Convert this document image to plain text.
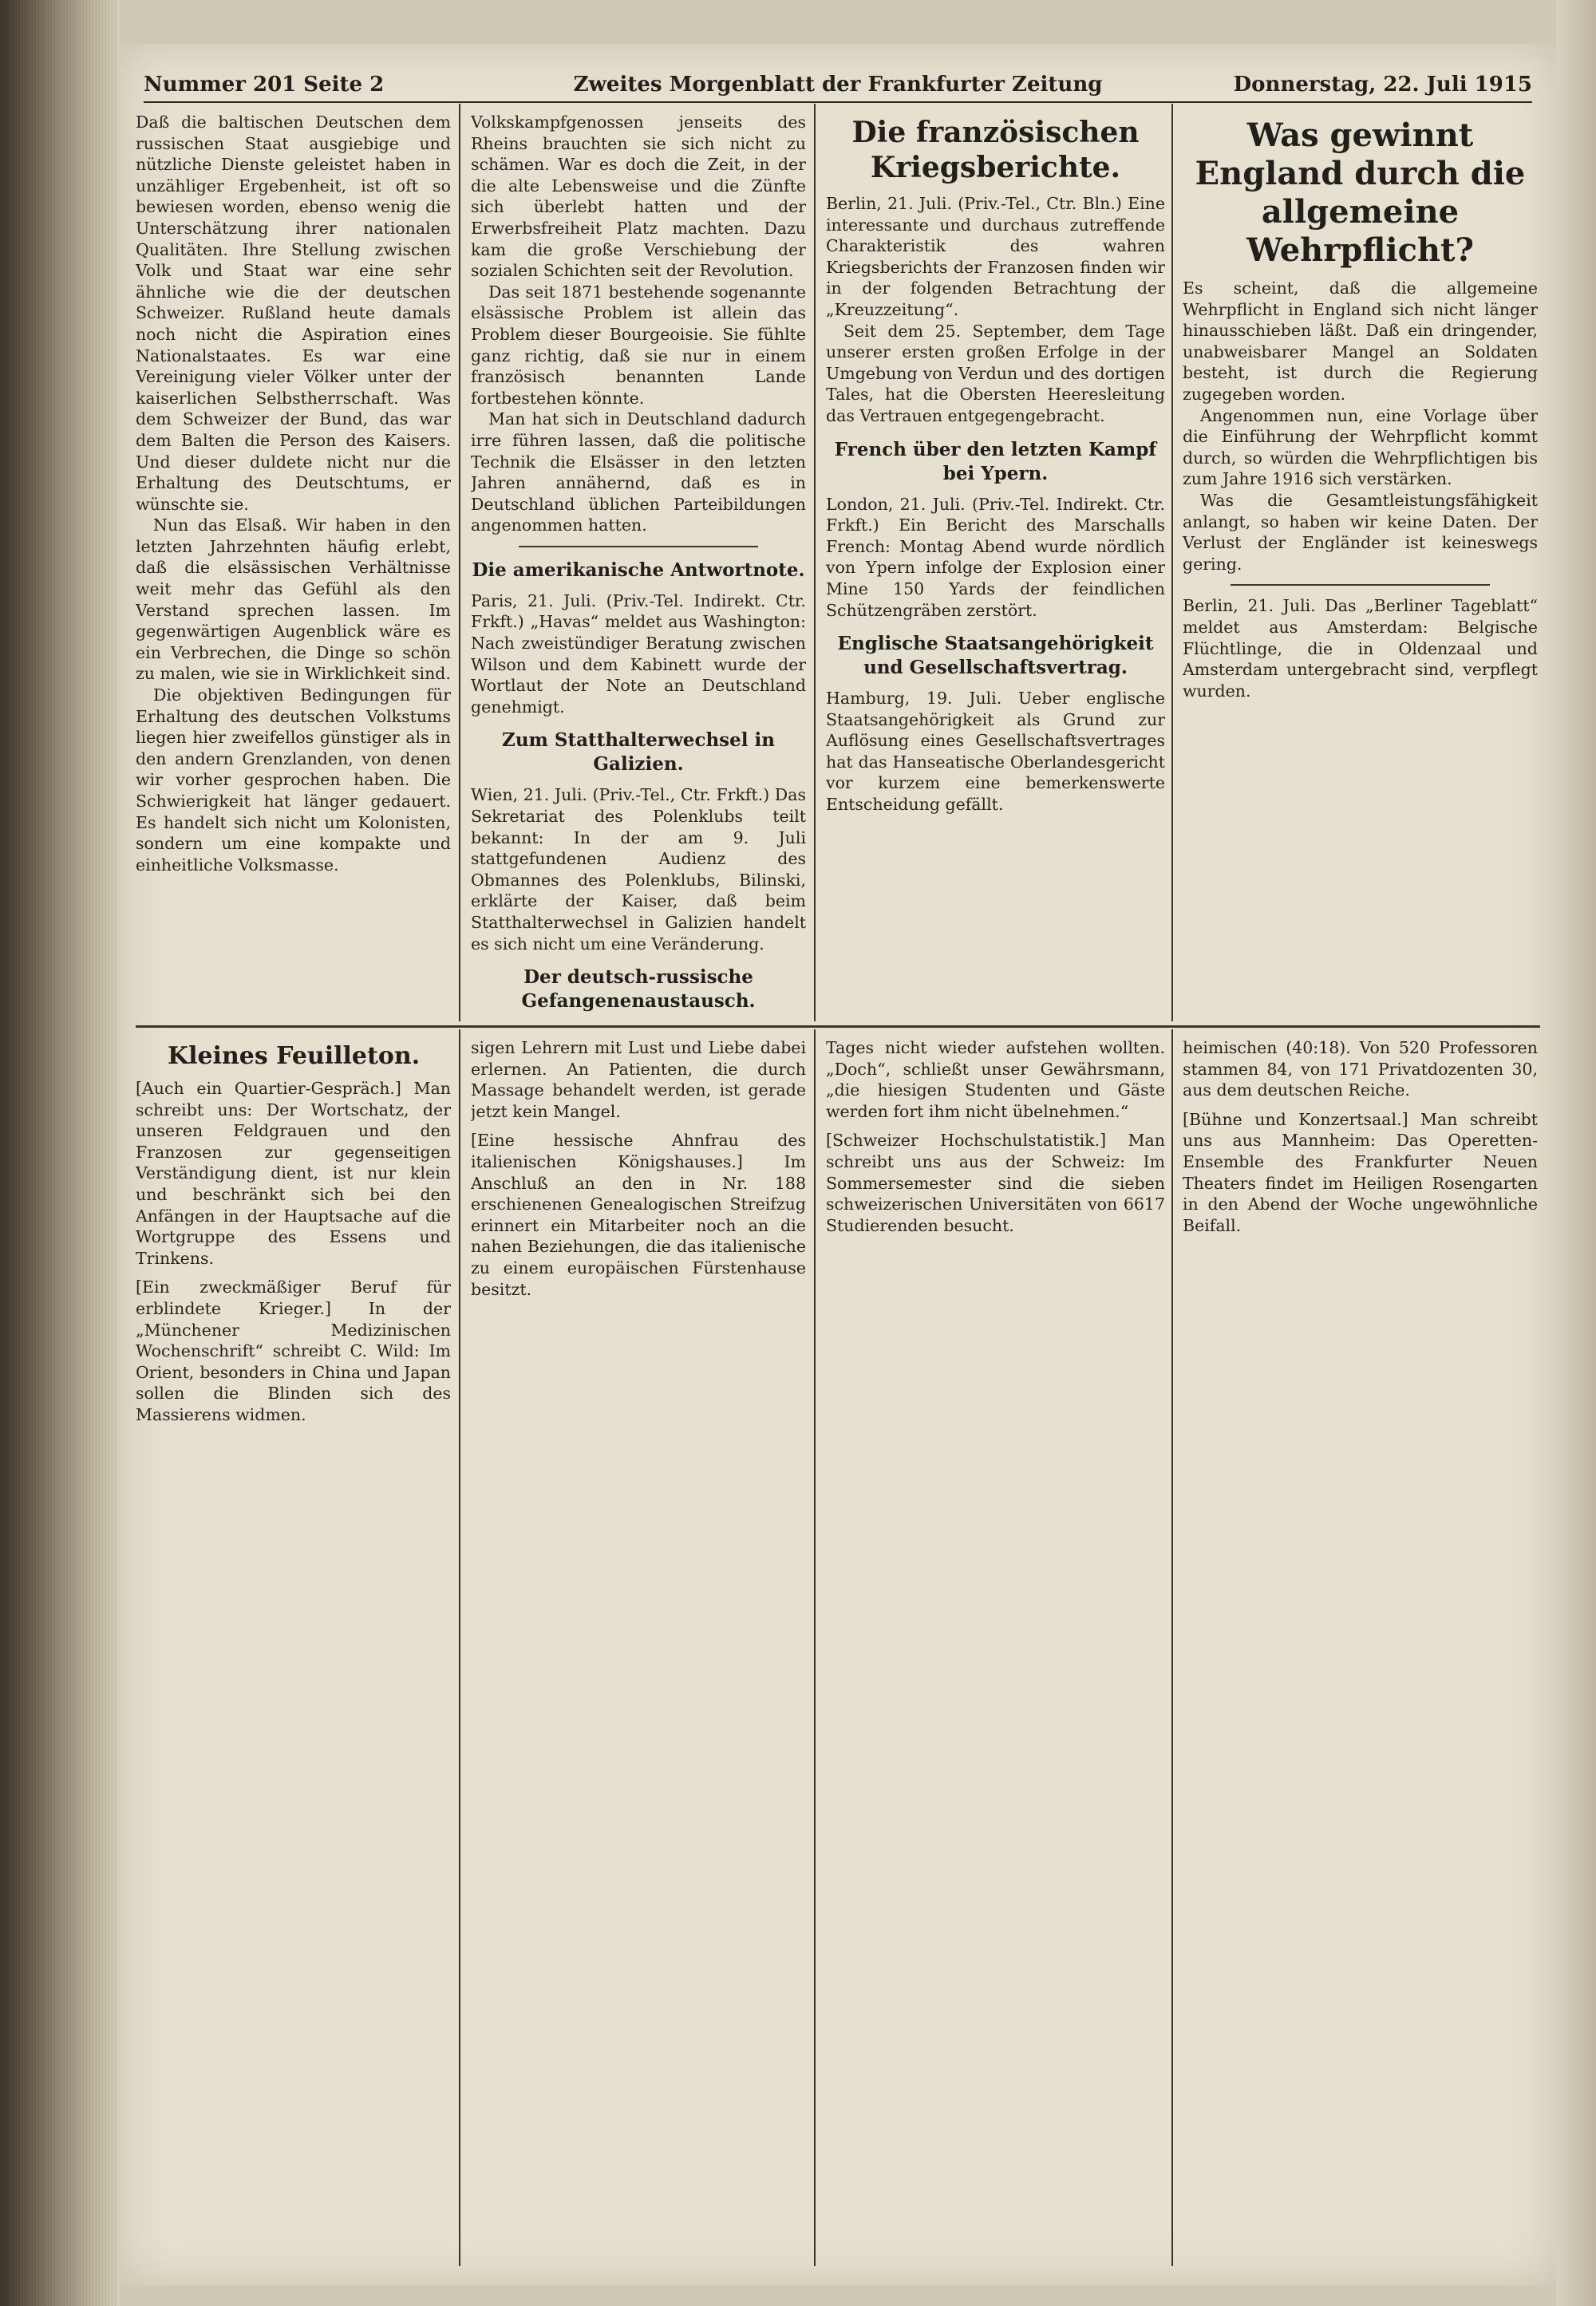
Nummer 201 Seite 2	Zweites Morgenblatt der Frankfurter Zeitung	Donnerstag, 22. Juli 1915

Daß die baltischen Deutschen dem russischen Staat ausgiebige und nützliche Dienste geleistet haben in unzähliger Ergebenheit, ist oft so bewiesen worden, ebenso wenig die Unterschätzung ihrer nationalen Qualitäten. Ihre Stellung zwischen Volk und Staat war eine sehr ähnliche wie die der deutschen Schweizer. Rußland heute damals noch nicht die Aspiration eines Nationalstaates. Es war eine Vereinigung vieler Völker unter der kaiserlichen Selbstherrschaft. Was dem Schweizer der Bund, das war dem Balten die Person des Kaisers. Und dieser duldete nicht nur die Erhaltung des Deutschtums, er wünschte sie.

Nun das Elsaß. Wir haben in den letzten Jahrzehnten häufig erlebt, daß die elsässischen Verhältnisse weit mehr das Gefühl als den Verstand sprechen lassen. Im gegenwärtigen Augenblick wäre es ein Verbrechen, die Dinge so schön zu malen, wie sie in Wirklichkeit sind.

Die objektiven Bedingungen für Erhaltung des deutschen Volkstums liegen hier zweifellos günstiger als in den andern Grenzlanden, von denen wir vorher gesprochen haben. Die Schwierigkeit hat länger gedauert. Es handelt sich nicht um Kolonisten, sondern um eine kompakte und einheitliche Volksmasse.

Volkskampfgenossen jenseits des Rheins brauchten sie sich nicht zu schämen. War es doch die Zeit, in der die alte Lebensweise und die Zünfte sich überlebt hatten und der Erwerbsfreiheit Platz machten. Dazu kam die große Verschiebung der sozialen Schichten seit der Revolution.

Das seit 1871 bestehende sogenannte elsässische Problem ist allein das Problem dieser Bourgeoisie. Sie fühlte ganz richtig, daß sie nur in einem französisch benannten Lande fortbestehen könnte.

Man hat sich in Deutschland dadurch irre führen lassen, daß die politische Technik die Elsässer in den letzten Jahren annähernd, daß es in Deutschland üblichen Parteibildungen angenommen hatten.

Die amerikanische Antwortnote.

Paris, 21. Juli. (Priv.-Tel. Indirekt. Ctr. Frkft.) „Havas“ meldet aus Washington: Nach zweistündiger Beratung zwischen Wilson und dem Kabinett wurde der Wortlaut der Note an Deutschland genehmigt.

Zum Statthalterwechsel in Galizien.

Wien, 21. Juli. (Priv.-Tel., Ctr. Frkft.) Das Sekretariat des Polenklubs teilt bekannt: In der am 9. Juli stattgefundenen Audienz des Obmannes des Polenklubs, Bilinski, erklärte der Kaiser, daß beim Statthalterwechsel in Galizien handelt es sich nicht um eine Veränderung.

Der deutsch-russische Gefangenenaustausch.

Die französischen Kriegsberichte.

Berlin, 21. Juli. (Priv.-Tel., Ctr. Bln.) Eine interessante und durchaus zutreffende Charakteristik des wahren Kriegsberichts der Franzosen finden wir in der folgenden Betrachtung der „Kreuzzeitung“.

Seit dem 25. September, dem Tage unserer ersten großen Erfolge in der Umgebung von Verdun und des dortigen Tales, hat die Obersten Heeresleitung das Vertrauen entgegengebracht.

French über den letzten Kampf bei Ypern.

London, 21. Juli. (Priv.-Tel. Indirekt. Ctr. Frkft.) Ein Bericht des Marschalls French: Montag Abend wurde nördlich von Ypern infolge der Explosion einer Mine 150 Yards der feindlichen Schützengräben zerstört.

Englische Staatsangehörigkeit und Gesellschaftsvertrag.

Hamburg, 19. Juli. Ueber englische Staatsangehörigkeit als Grund zur Auflösung eines Gesellschaftsvertrages hat das Hanseatische Oberlandesgericht vor kurzem eine bemerkenswerte Entscheidung gefällt.

Was gewinnt England durch die allgemeine Wehrpflicht?

Es scheint, daß die allgemeine Wehrpflicht in England sich nicht länger hinausschieben läßt. Daß ein dringender, unabweisbarer Mangel an Soldaten besteht, ist durch die Regierung zugegeben worden.

Angenommen nun, eine Vorlage über die Einführung der Wehrpflicht kommt durch, so würden die Wehrpflichtigen bis zum Jahre 1916 sich verstärken.

Was die Gesamtleistungsfähigkeit anlangt, so haben wir keine Daten. Der Verlust der Engländer ist keineswegs gering.

Berlin, 21. Juli. Das „Berliner Tageblatt“ meldet aus Amsterdam: Belgische Flüchtlinge, die in Oldenzaal und Amsterdam untergebracht sind, verpflegt wurden.

Kleines Feuilleton.

[Auch ein Quartier-Gespräch.] Man schreibt uns: Der Wortschatz, der unseren Feldgrauen und den Franzosen zur gegenseitigen Verständigung dient, ist nur klein und beschränkt sich bei den Anfängen in der Hauptsache auf die Wortgruppe des Essens und Trinkens.

[Ein zweckmäßiger Beruf für erblindete Krieger.] In der „Münchener Medizinischen Wochenschrift“ schreibt C. Wild: Im Orient, besonders in China und Japan sollen die Blinden sich des Massierens widmen.

sigen Lehrern mit Lust und Liebe dabei erlernen. An Patienten, die durch Massage behandelt werden, ist gerade jetzt kein Mangel.

[Eine hessische Ahnfrau des italienischen Königshauses.] Im Anschluß an den in Nr. 188 erschienenen Genealogischen Streifzug erinnert ein Mitarbeiter noch an die nahen Beziehungen, die das italienische zu einem europäischen Fürstenhause besitzt.

Tages nicht wieder aufstehen wollten. „Doch“, schließt unser Gewährsmann, „die hiesigen Studenten und Gäste werden fort ihm nicht übelnehmen.“

[Schweizer Hochschulstatistik.] Man schreibt uns aus der Schweiz: Im Sommersemester sind die sieben schweizerischen Universitäten von 6617 Studierenden besucht.

heimischen (40:18). Von 520 Professoren stammen 84, von 171 Privatdozenten 30, aus dem deutschen Reiche.

[Bühne und Konzertsaal.] Man schreibt uns aus Mannheim: Das Operetten-Ensemble des Frankfurter Neuen Theaters findet im Heiligen Rosengarten in den Abend der Woche ungewöhnliche Beifall.
